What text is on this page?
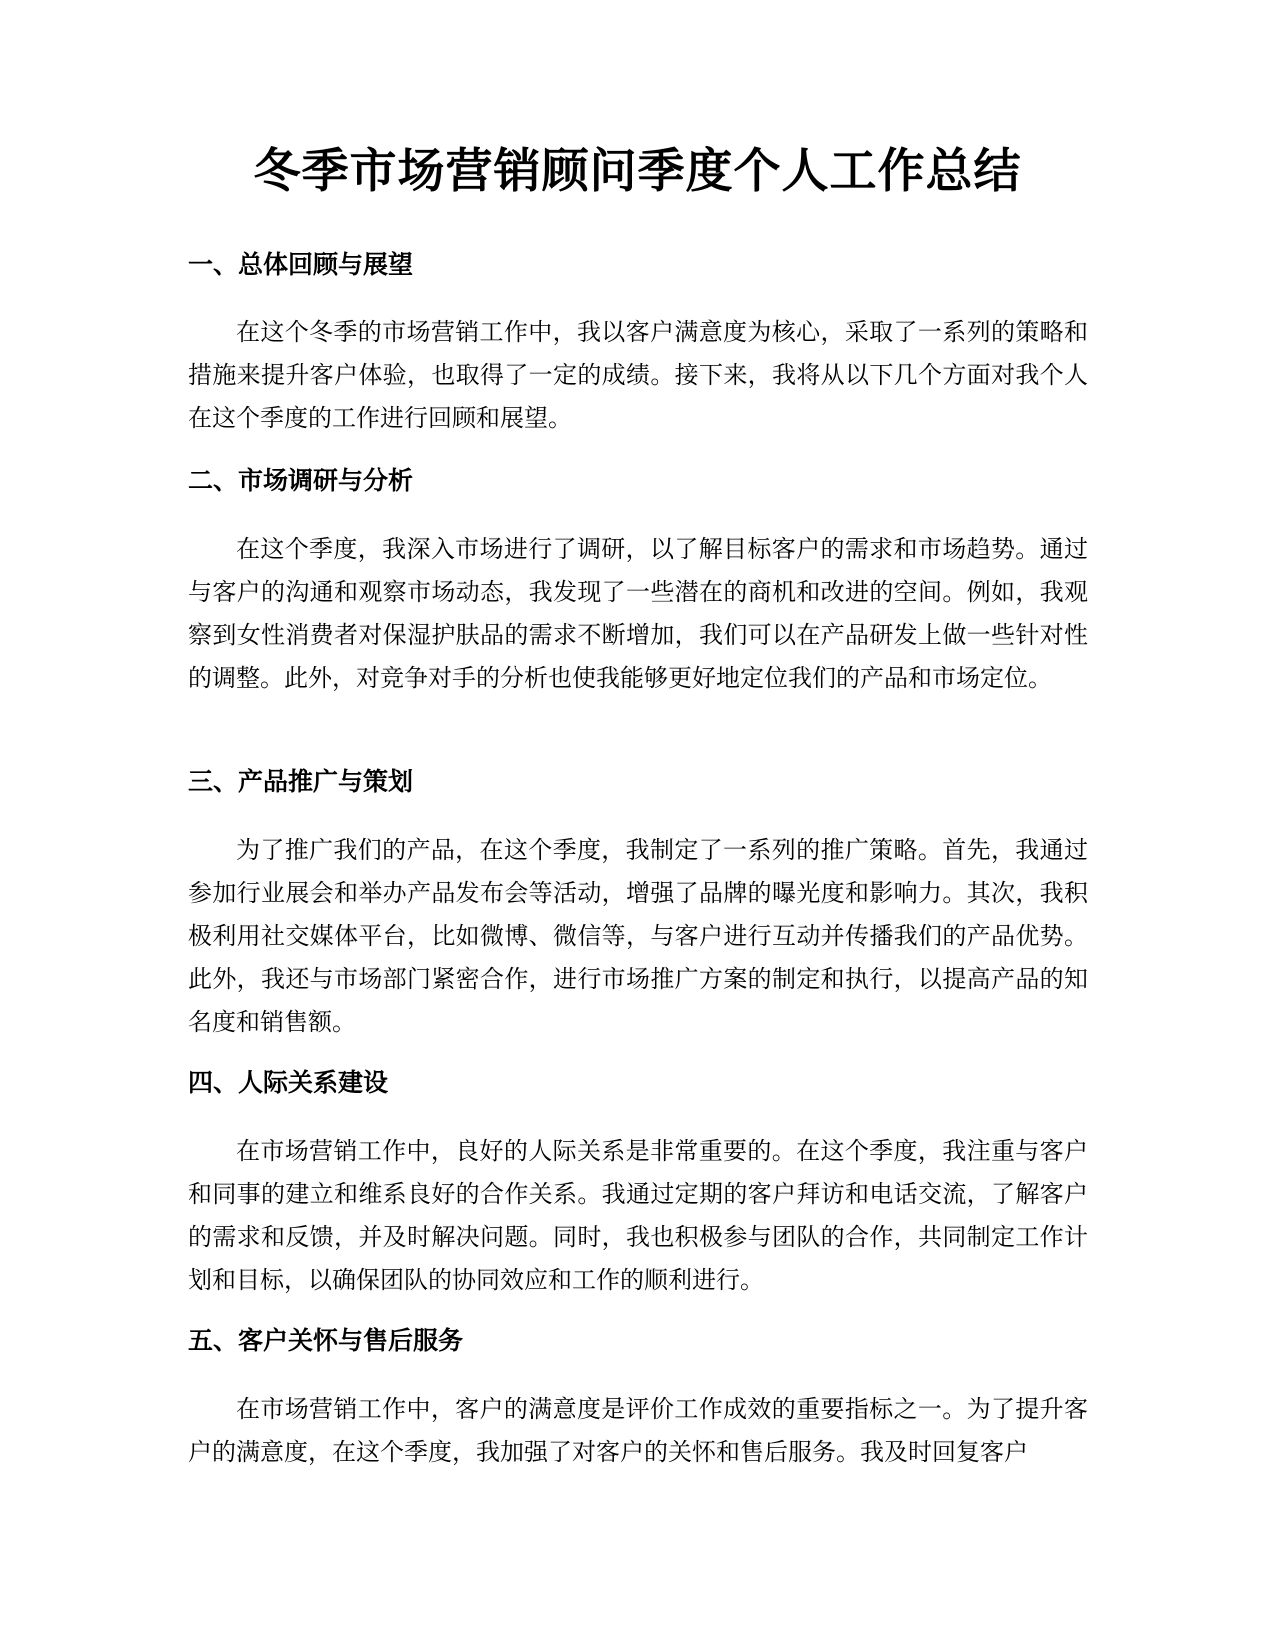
冬季市场营销顾问季度个人工作总结
一、总体回顾与展望

在这个冬季的市场营销工作中，我以客户满意度为核心，采取了一系列的策略和措施来提升客户体验，也取得了一定的成绩。接下来，我将从以下几个方面对我个人在这个季度的工作进行回顾和展望。

二、市场调研与分析

在这个季度，我深入市场进行了调研，以了解目标客户的需求和市场趋势。通过与客户的沟通和观察市场动态，我发现了一些潜在的商机和改进的空间。例如，我观察到女性消费者对保湿护肤品的需求不断增加，我们可以在产品研发上做一些针对性的调整。此外，对竞争对手的分析也使我能够更好地定位我们的产品和市场定位。

三、产品推广与策划

为了推广我们的产品，在这个季度，我制定了一系列的推广策略。首先，我通过参加行业展会和举办产品发布会等活动，增强了品牌的曝光度和影响力。其次，我积极利用社交媒体平台，比如微博、微信等，与客户进行互动并传播我们的产品优势。此外，我还与市场部门紧密合作，进行市场推广方案的制定和执行，以提高产品的知名度和销售额。

四、人际关系建设

在市场营销工作中，良好的人际关系是非常重要的。在这个季度，我注重与客户和同事的建立和维系良好的合作关系。我通过定期的客户拜访和电话交流，了解客户的需求和反馈，并及时解决问题。同时，我也积极参与团队的合作，共同制定工作计划和目标，以确保团队的协同效应和工作的顺利进行。

五、客户关怀与售后服务

在市场营销工作中，客户的满意度是评价工作成效的重要指标之一。为了提升客户的满意度，在这个季度，我加强了对客户的关怀和售后服务。我及时回复客户
